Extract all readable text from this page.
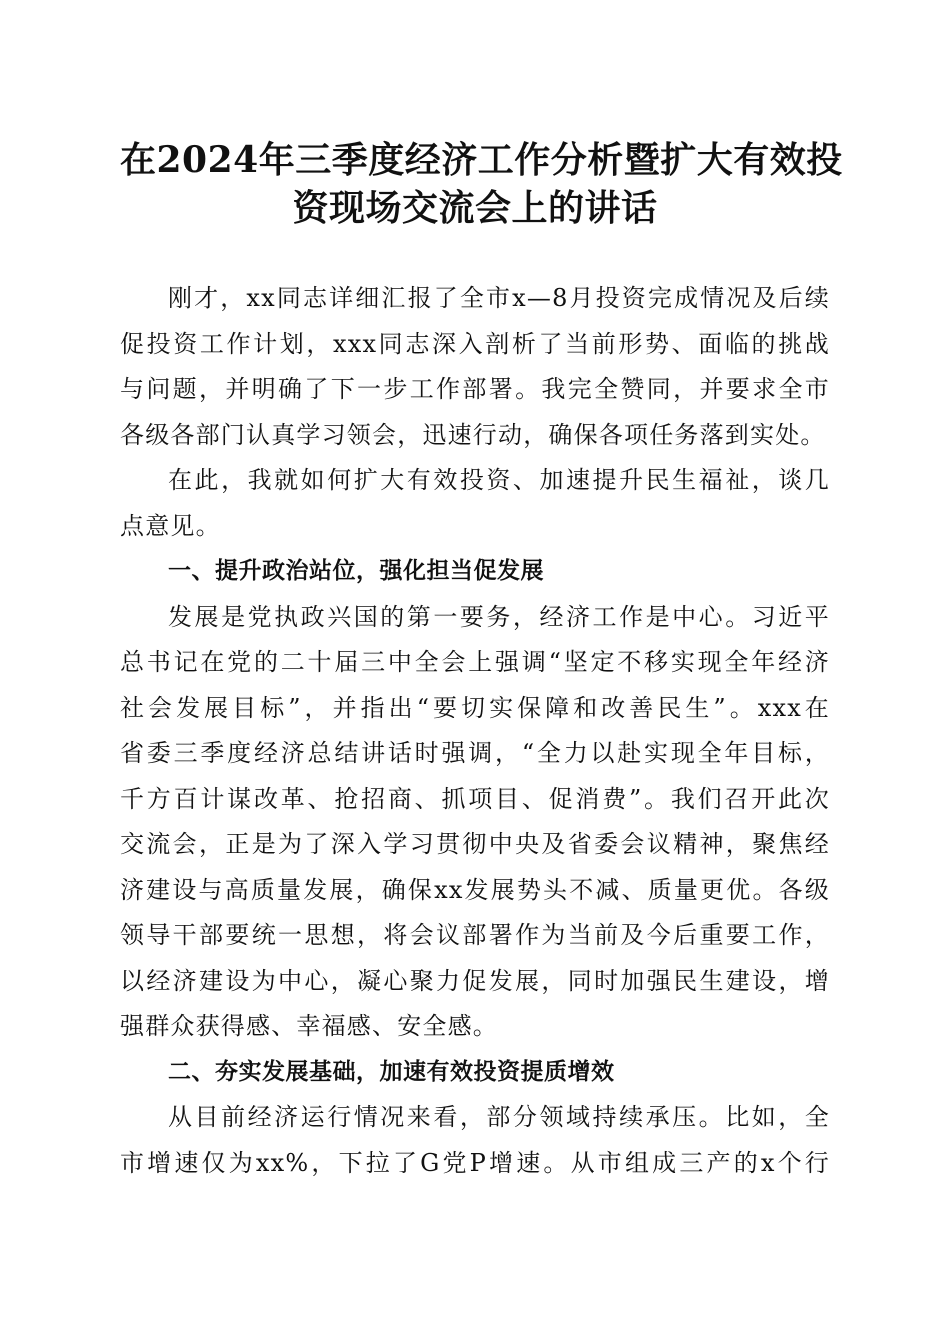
在2024年三季度经济工作分析暨扩大有效投
资现场交流会上的讲话
刚才，xx同志详细汇报了全市x—8月投资完成情况及后续
促投资工作计划，xxx同志深入剖析了当前形势、面临的挑战
与问题，并明确了下一步工作部署。我完全赞同，并要求全市
各级各部门认真学习领会，迅速行动，确保各项任务落到实处。
在此，我就如何扩大有效投资、加速提升民生福祉，谈几
点意见。
一、提升政治站位，强化担当促发展
发展是党执政兴国的第一要务，经济工作是中心。习近平
总书记在党的二十届三中全会上强调“坚定不移实现全年经济
社会发展目标”，并指出“要切实保障和改善民生”。xxx在
省委三季度经济总结讲话时强调，“全力以赴实现全年目标，
千方百计谋改革、抢招商、抓项目、促消费”。我们召开此次
交流会，正是为了深入学习贯彻中央及省委会议精神，聚焦经
济建设与高质量发展，确保xx发展势头不减、质量更优。各级
领导干部要统一思想，将会议部署作为当前及今后重要工作，
以经济建设为中心，凝心聚力促发展，同时加强民生建设，增
强群众获得感、幸福感、安全感。
二、夯实发展基础，加速有效投资提质增效
从目前经济运行情况来看，部分领域持续承压。比如，全
市增速仅为xx%，下拉了G党P增速。从市组成三产的x个行
